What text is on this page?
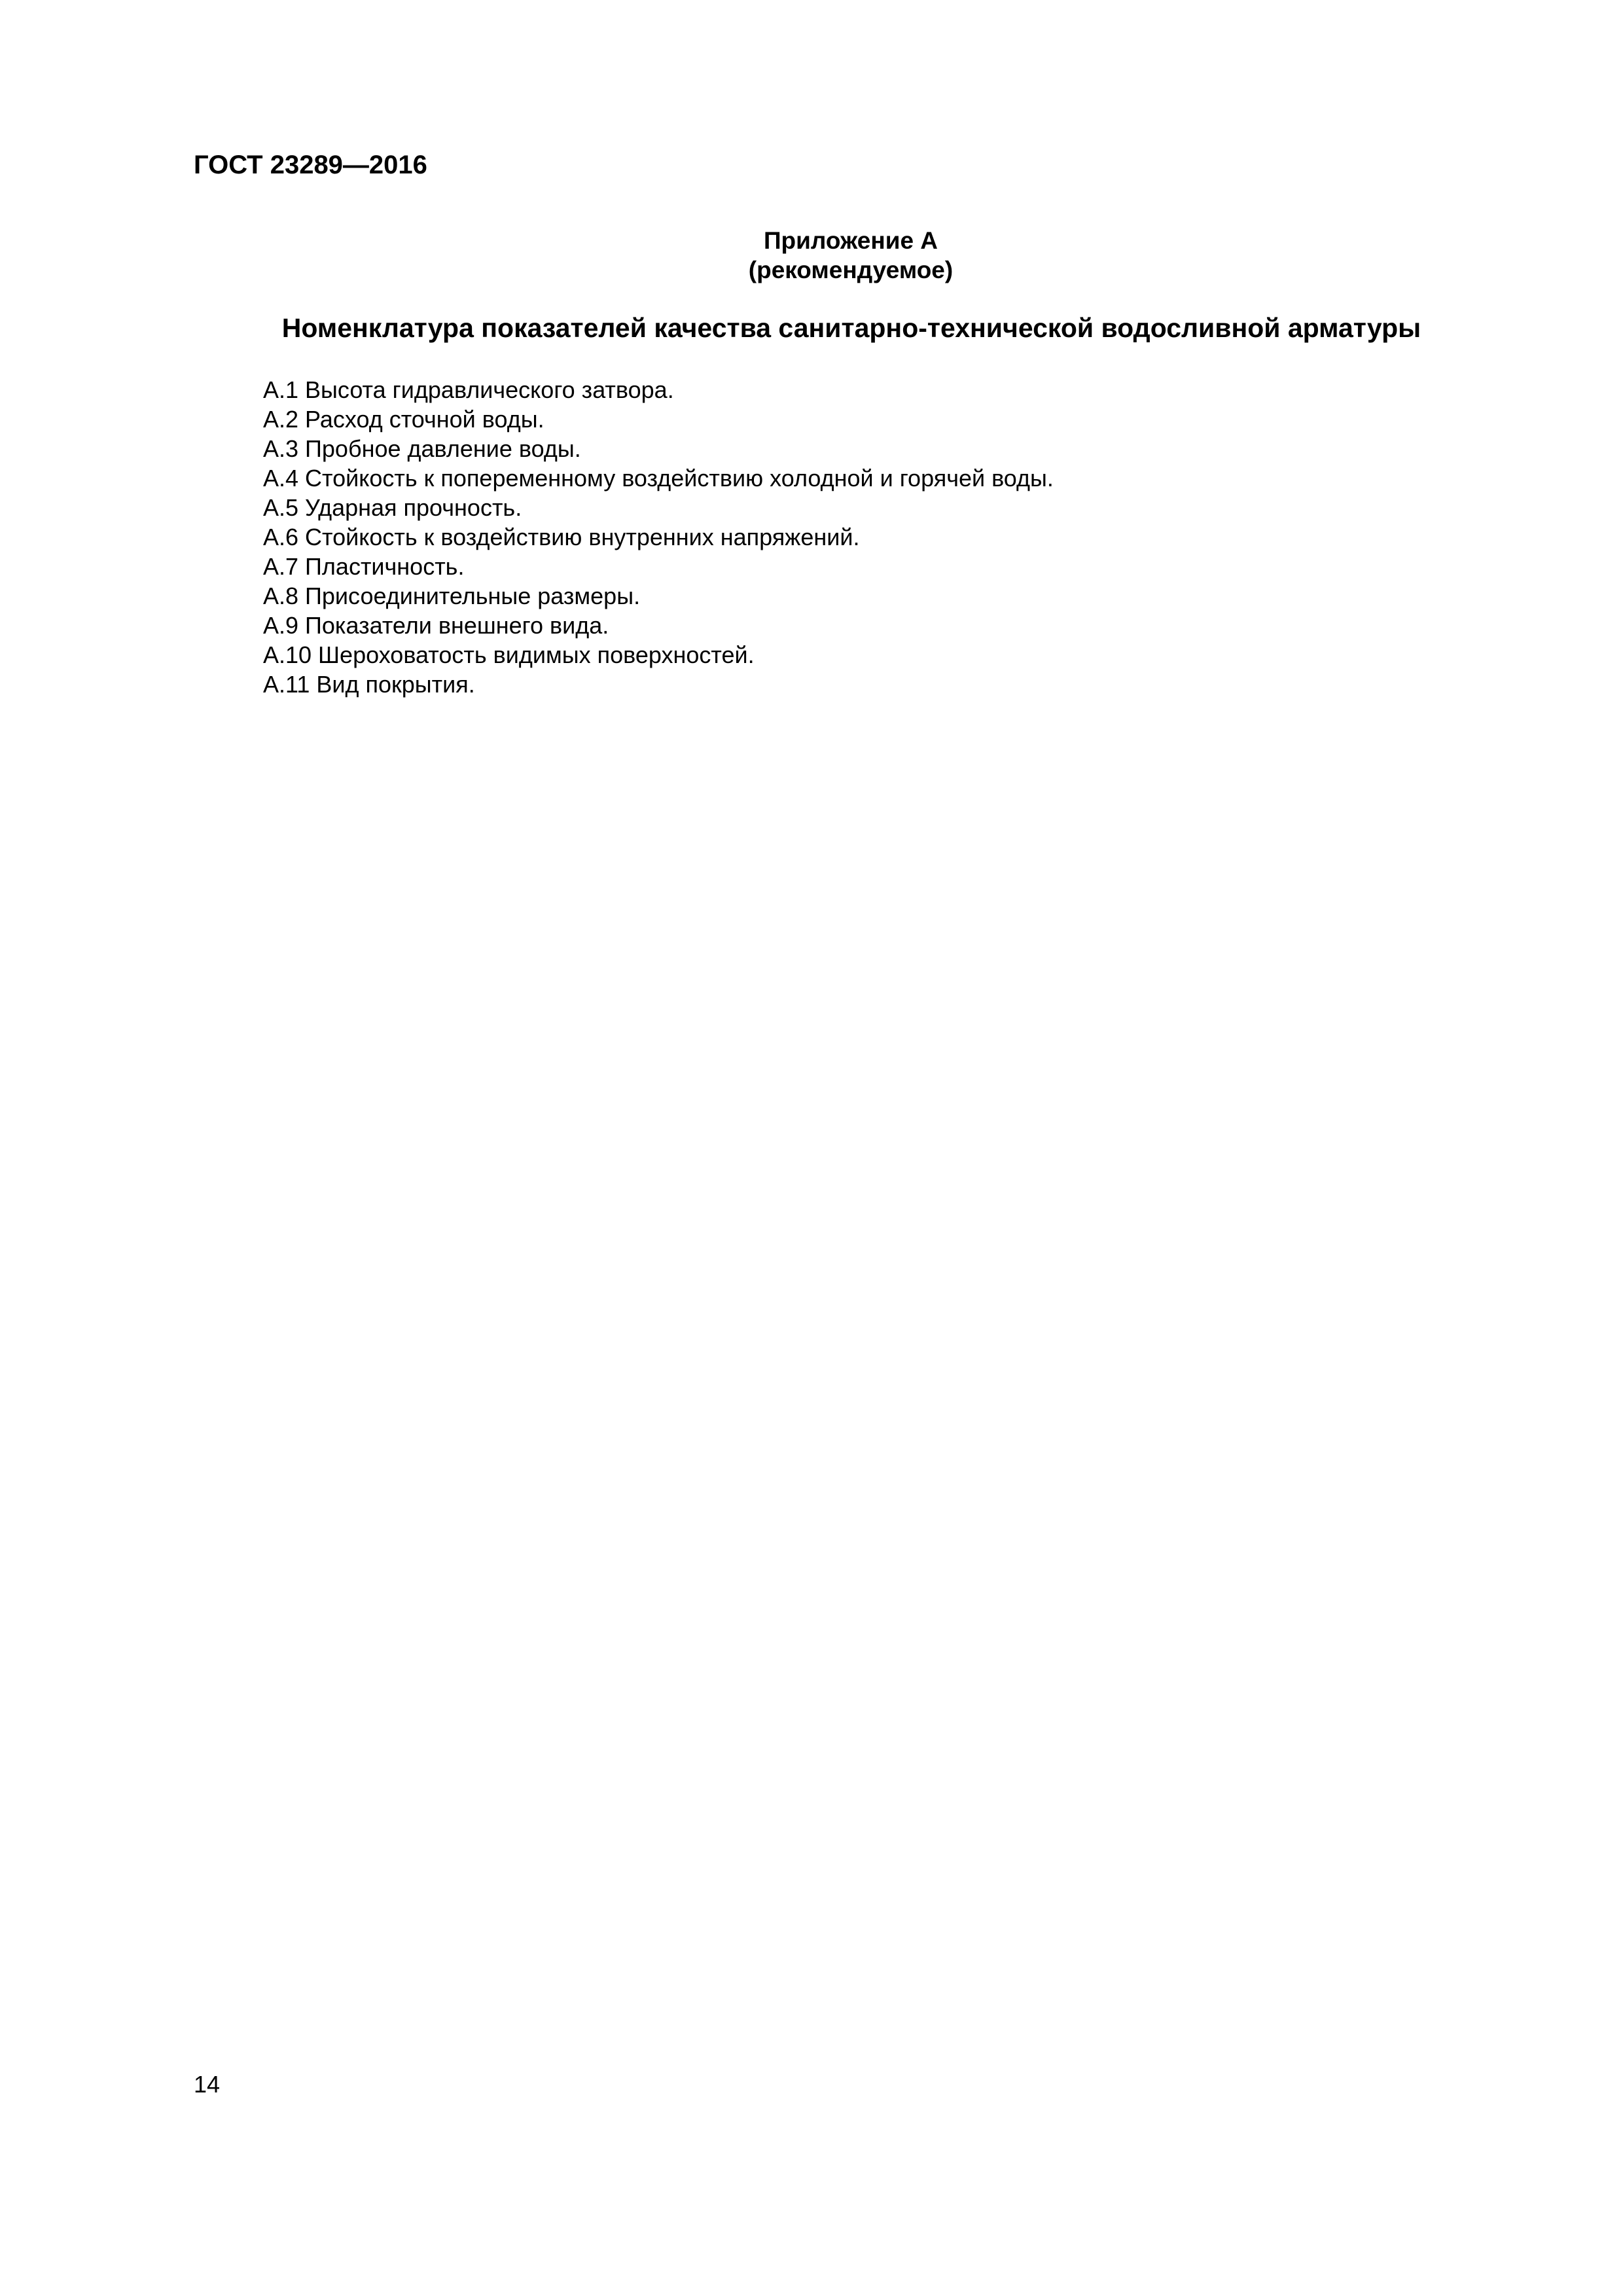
ГОСТ 23289—2016
Приложение А
(рекомендуемое)
Номенклатура показателей качества санитарно-технической водосливной арматуры
А.1 Высота гидравлического затвора.
А.2 Расход сточной воды.
А.3 Пробное давление воды.
А.4 Стойкость к попеременному воздействию холодной и горячей воды.
А.5 Ударная прочность.
А.6 Стойкость к воздействию внутренних напряжений.
А.7 Пластичность.
А.8 Присоединительные размеры.
А.9 Показатели внешнего вида.
А.10 Шероховатость видимых поверхностей.
А.11 Вид покрытия.
14
